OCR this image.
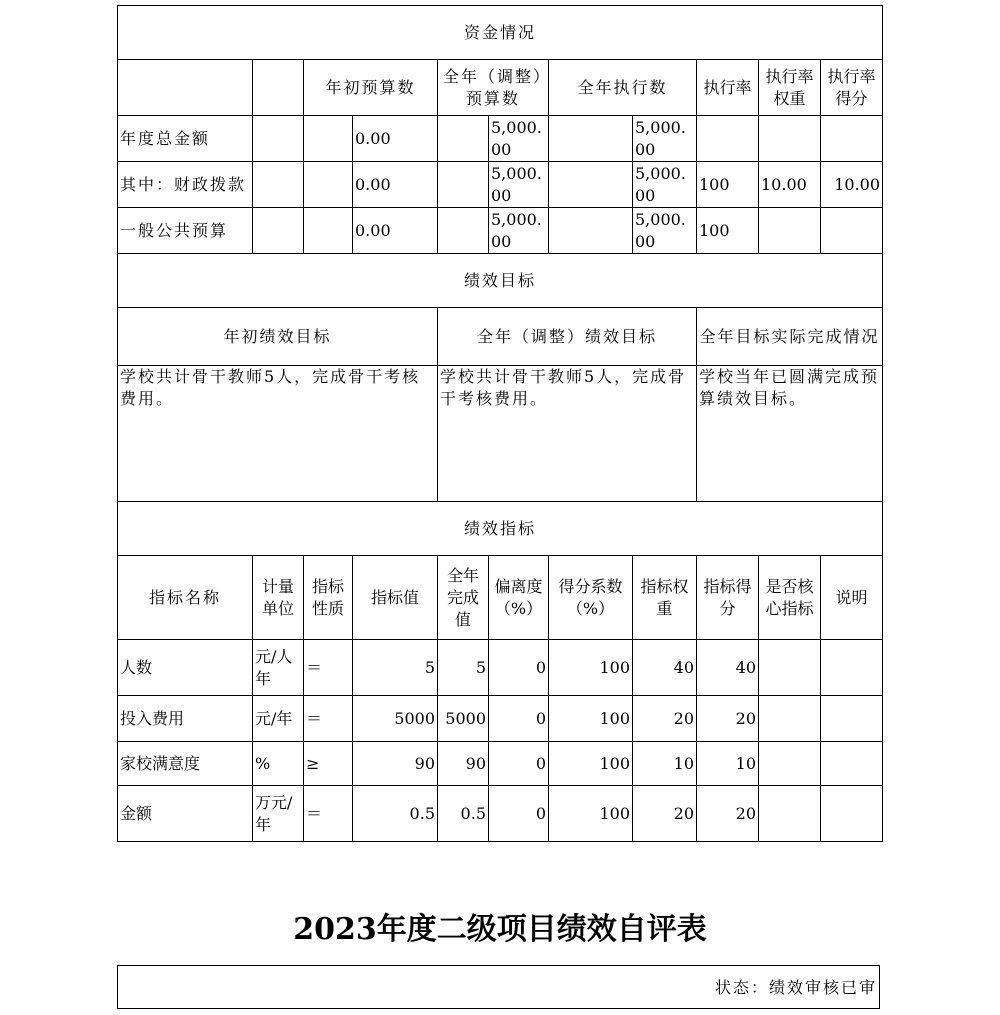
资金情况										
		年初预算数		全年（调整）预算数		全年执行数		执行率	执行率权重	执行率得分
年度总金额			0.00		5,000.00		5,000.00			
其中：财政拨款			0.00		5,000.00		5,000.00	100	10.00	10.00
一般公共预算			0.00		5,000.00		5,000.00	100		
绩效目标										
年初绩效目标				全年（调整）绩效目标				全年目标实际完成情况		
学校共计骨干教师5人，完成骨干考核费用。				学校共计骨干教师5人，完成骨干考核费用。				学校当年已圆满完成预算绩效目标。		
绩效指标										
指标名称	计量单位	指标性质	指标值	全年完成值	偏离度（%）	得分系数（%）	指标权重	指标得分	是否核心指标	说明
人数	元/人年	＝	5	5	0	100	40	40		
投入费用	元/年	＝	5000	5000	0	100	20	20		
家校满意度	%	≥	90	90	0	100	10	10		
金额	万元/年	＝	0.5	0.5	0	100	20	20		
2023年度二级项目绩效自评表
状态：绩效审核已审
